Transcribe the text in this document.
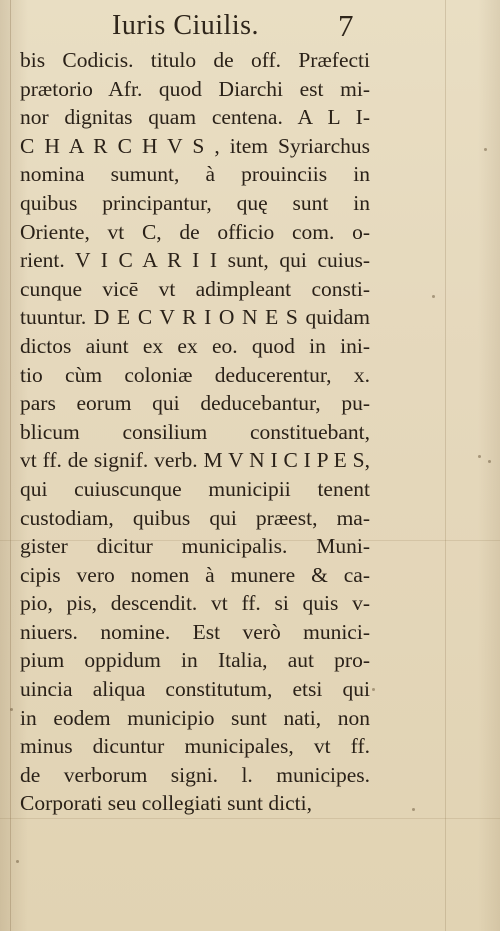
Iuris Ciuilis.	7
bis Codicis. titulo de off. Præfecti
prætorio Afr. quod Diarchi est mi-
nor dignitas quam centena. A L I-
C H A R C H V S , item Syriarchus
nomina sumunt, à prouinciis in
quibus principantur, quę sunt in
Oriente, vt C, de officio com. o-
rient. V I C A R I I sunt, qui cuius-
cunque vicē vt adimpleant consti-
tuuntur. D E C V R I O N E S quidam
dictos aiunt ex ex eo. quod in ini-
tio cùm coloniæ deducerentur, x.
pars eorum qui deducebantur, pu-
blicum consilium constituebant,
vt ff. de signif. verb. M V N I C I P E S,
qui cuiuscunque municipii tenent
custodiam, quibus qui præest, ma-
gister dicitur municipalis. Muni-
cipis vero nomen à munere & ca-
pio, pis, descendit. vt ff. si quis v-
niuers. nomine. Est verò munici-
pium oppidum in Italia, aut pro-
uincia aliqua constitutum, etsi qui
in eodem municipio sunt nati, non
minus dicuntur municipales, vt ff.
de verborum signi. l. municipes.
Corporati seu collegiati sunt dicti,
